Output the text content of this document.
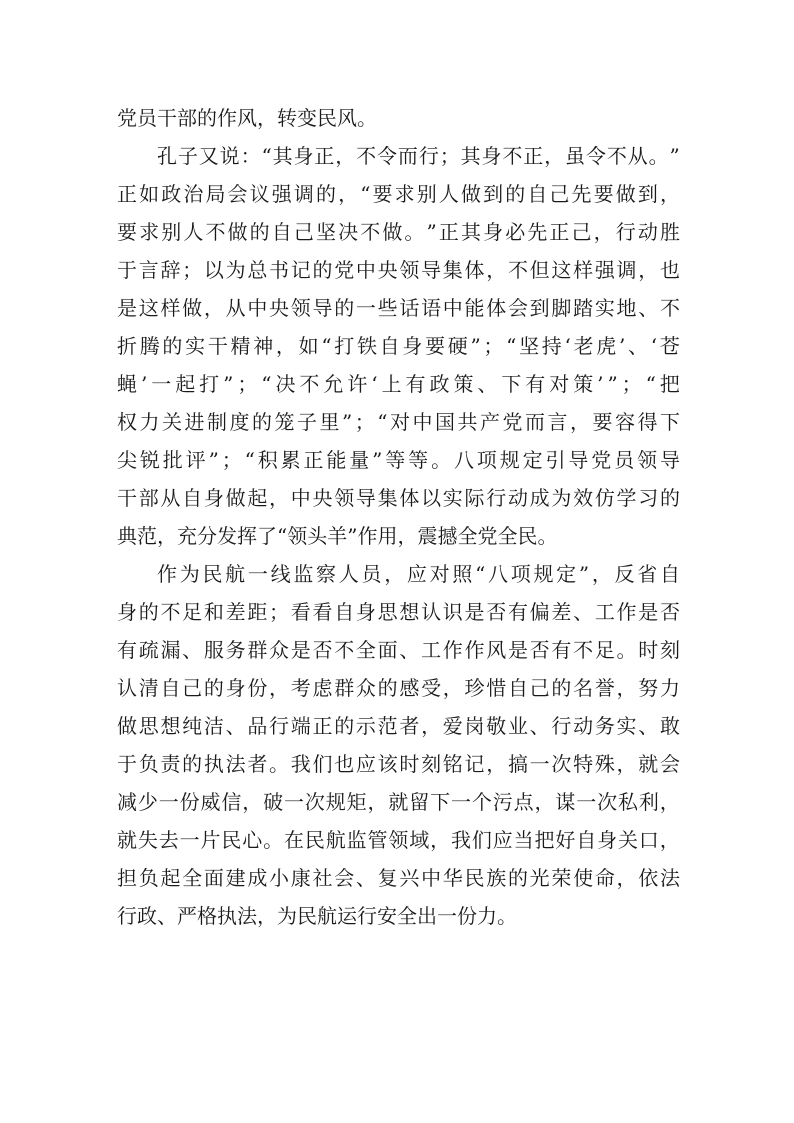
党员干部的作风，转变民风。
孔 子 又 说 ： “ 其 身 正 ， 不 令 而 行 ； 其 身 不 正 ， 虽 令 不 从 。 ”
正 如 政 治 局 会 议 强 调 的 ， “ 要 求 别 人 做 到 的 自 己 先 要 做 到 ，
要 求 别 人 不 做 的 自 己 坚 决 不 做 。 ” 正 其 身 必 先 正 己 ， 行 动 胜
于 言 辞 ； 以 为 总 书 记 的 党 中 央 领 导 集 体 ， 不 但 这 样 强 调 ， 也
是 这 样 做 ， 从 中 央 领 导 的 一 些 话 语 中 能 体 会 到 脚 踏 实 地 、 不
折 腾 的 实 干 精 神 ， 如 “ 打 铁 自 身 要 硬 ” ； “ 坚 持 ‘ 老 虎 ’ 、 ‘ 苍
蝇 ’ 一 起 打 ” ； “ 决 不 允 许 ‘ 上 有 政 策 、 下 有 对 策 ’ ” ； “ 把
权 力 关 进 制 度 的 笼 子 里 ” ； “ 对 中 国 共 产 党 而 言 ， 要 容 得 下
尖 锐 批 评 ” ； “ 积 累 正 能 量 ” 等 等 。 八 项 规 定 引 导 党 员 领 导
干 部 从 自 身 做 起 ， 中 央 领 导 集 体 以 实 际 行 动 成 为 效 仿 学 习 的
典范，充分发挥了“领头羊”作用，震撼全党全民。
作 为 民 航 一 线 监 察 人 员 ， 应 对 照 “ 八 项 规 定 ” ， 反 省 自
身 的 不 足 和 差 距 ； 看 看 自 身 思 想 认 识 是 否 有 偏 差 、 工 作 是 否
有 疏 漏 、 服 务 群 众 是 否 不 全 面 、 工 作 作 风 是 否 有 不 足 。 时 刻
认 清 自 己 的 身 份 ， 考 虑 群 众 的 感 受 ， 珍 惜 自 己 的 名 誉 ， 努 力
做 思 想 纯 洁 、 品 行 端 正 的 示 范 者 ， 爱 岗 敬 业 、 行 动 务 实 、 敢
于 负 责 的 执 法 者 。 我 们 也 应 该 时 刻 铭 记 ， 搞 一 次 特 殊 ， 就 会
减 少 一 份 威 信 ， 破 一 次 规 矩 ， 就 留 下 一 个 污 点 ， 谋 一 次 私 利 ，
就 失 去 一 片 民 心 。 在 民 航 监 管 领 域 ， 我 们 应 当 把 好 自 身 关 口 ，
担 负 起 全 面 建 成 小 康 社 会 、 复 兴 中 华 民 族 的 光 荣 使 命 ， 依 法
行政、严格执法，为民航运行安全出一份力。
